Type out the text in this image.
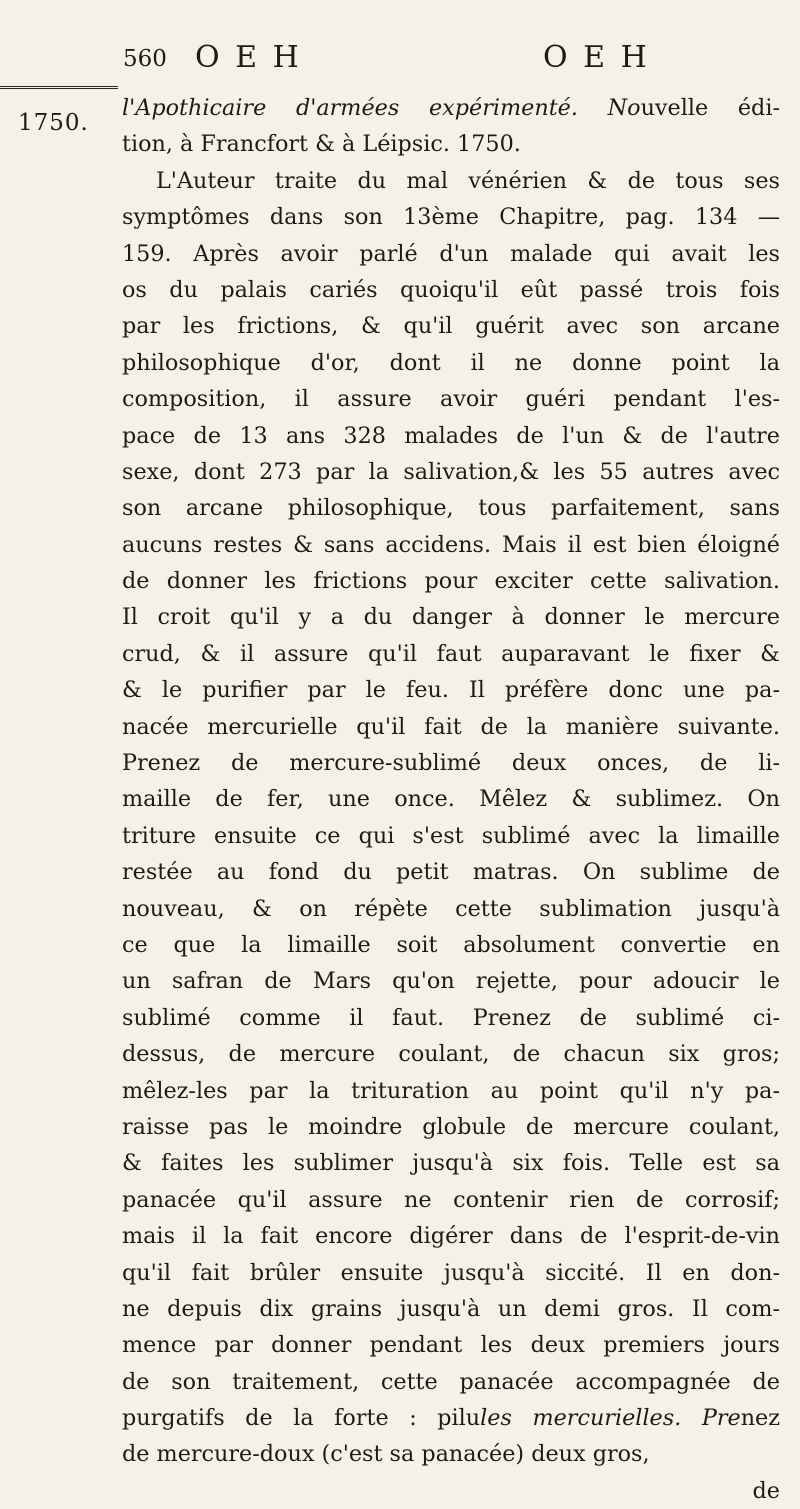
560 O E H	O E H
1750.
l'Apothicaire d'armées expérimenté. Nouvelle édi-
tion, à Francfort & à Léipsic. 1750.
L'Auteur traite du mal vénérien & de tous ses
symptômes dans son 13ème Chapitre, pag. 134 —
159. Après avoir parlé d'un malade qui avait les
os du palais cariés quoiqu'il eût passé trois fois
par les frictions, & qu'il guérit avec son arcane
philosophique d'or, dont il ne donne point la
composition, il assure avoir guéri pendant l'es-
pace de 13 ans 328 malades de l'un & de l'autre
sexe, dont 273 par la salivation,& les 55 autres avec
son arcane philosophique, tous parfaitement, sans
aucuns restes & sans accidens. Mais il est bien éloigné
de donner les frictions pour exciter cette salivation.
Il croit qu'il y a du danger à donner le mercure
crud, & il assure qu'il faut auparavant le fixer &
& le purifier par le feu. Il préfère donc une pa-
nacée mercurielle qu'il fait de la manière suivante.
Prenez de mercure-sublimé deux onces, de li-
maille de fer, une once. Mêlez & sublimez. On
triture ensuite ce qui s'est sublimé avec la limaille
restée au fond du petit matras. On sublime de
nouveau, & on répète cette sublimation jusqu'à
ce que la limaille soit absolument convertie en
un safran de Mars qu'on rejette, pour adoucir le
sublimé comme il faut. Prenez de sublimé ci-
dessus, de mercure coulant, de chacun six gros;
mêlez-les par la trituration au point qu'il n'y pa-
raisse pas le moindre globule de mercure coulant,
& faites les sublimer jusqu'à six fois. Telle est sa
panacée qu'il assure ne contenir rien de corrosif;
mais il la fait encore digérer dans de l'esprit-de-vin
qu'il fait brûler ensuite jusqu'à siccité. Il en don-
ne depuis dix grains jusqu'à un demi gros. Il com-
mence par donner pendant les deux premiers jours
de son traitement, cette panacée accompagnée de
purgatifs de la forte : pilules mercurielles. Prenez
de mercure-doux (c'est sa panacée) deux gros,
de
